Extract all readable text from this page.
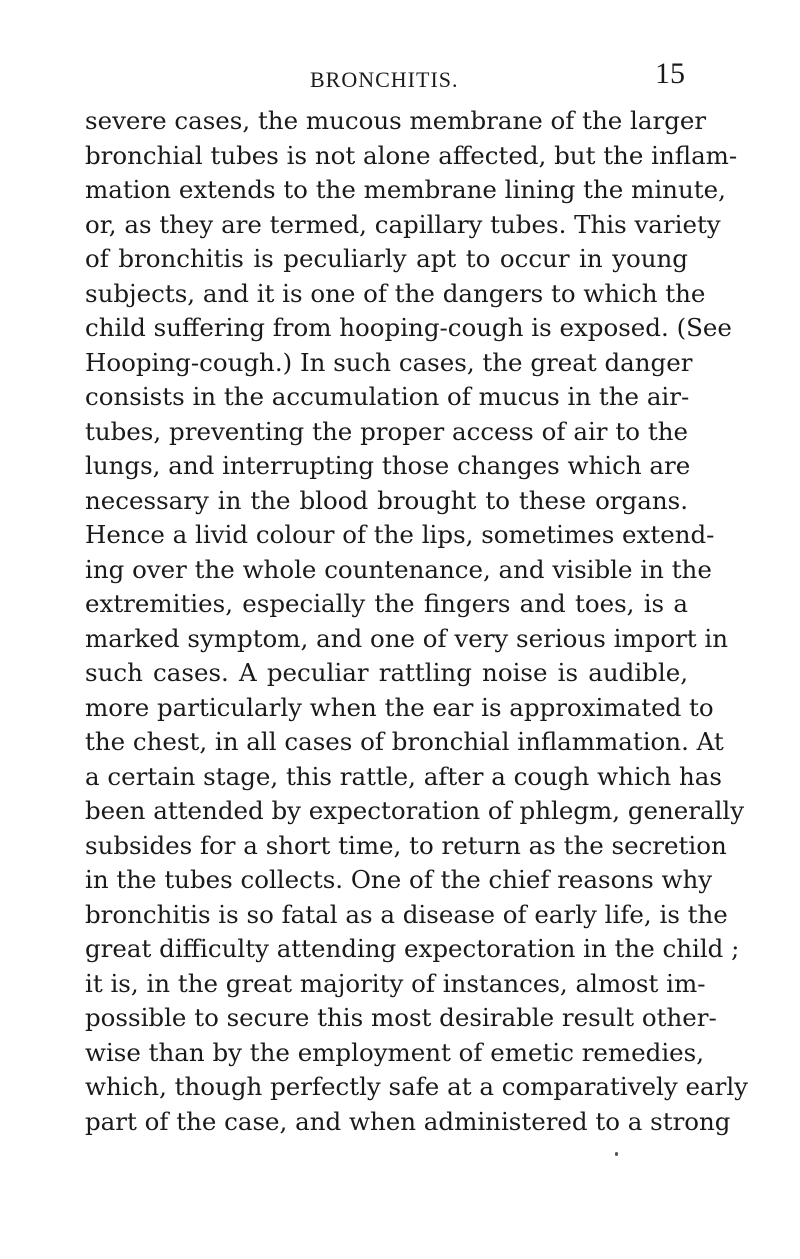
BRONCHITIS.	15
severe cases, the mucous membrane of the larger
bronchial tubes is not alone affected, but the inflam-
mation extends to the membrane lining the minute,
or, as they are termed, capillary tubes. This variety
of bronchitis is peculiarly apt to occur in young
subjects, and it is one of the dangers to which the
child suffering from hooping-cough is exposed. (See
Hooping-cough.) In such cases, the great danger
consists in the accumulation of mucus in the air-
tubes, preventing the proper access of air to the
lungs, and interrupting those changes which are
necessary in the blood brought to these organs.
Hence a livid colour of the lips, sometimes extend-
ing over the whole countenance, and visible in the
extremities, especially the fingers and toes, is a
marked symptom, and one of very serious import in
such cases. A peculiar rattling noise is audible,
more particularly when the ear is approximated to
the chest, in all cases of bronchial inflammation. At
a certain stage, this rattle, after a cough which has
been attended by expectoration of phlegm, generally
subsides for a short time, to return as the secretion
in the tubes collects. One of the chief reasons why
bronchitis is so fatal as a disease of early life, is the
great difficulty attending expectoration in the child ;
it is, in the great majority of instances, almost im-
possible to secure this most desirable result other-
wise than by the employment of emetic remedies,
which, though perfectly safe at a comparatively early
part of the case, and when administered to a strong
